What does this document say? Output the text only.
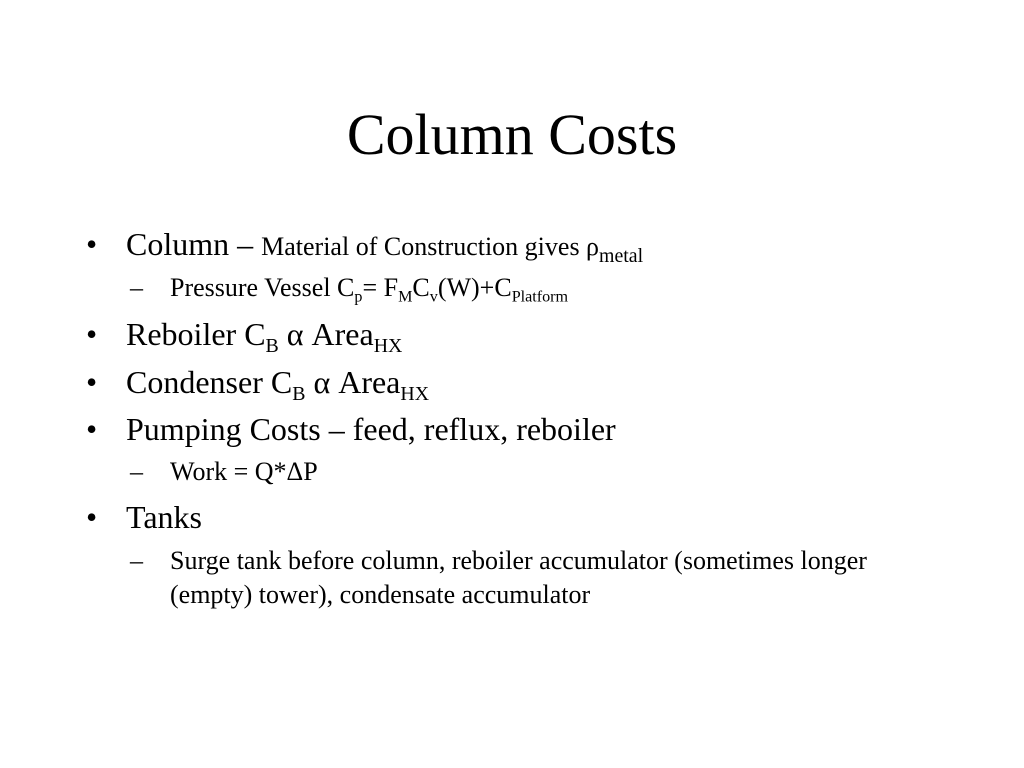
Column Costs
• Column – Material of Construction gives $\rho_{metal}$
–	Pressure Vessel $C_p= F_MC_v(W)+C_{Platform}$
• Reboiler $C_B$ α Area$_{HX}$
• Condenser $C_B$ α Area$_{HX}$
• Pumping Costs – feed, reflux, reboiler
–	Work = Q*ΔP
• Tanks
–	Surge tank before column, reboiler accumulator (sometimes longer (empty) tower), condensate accumulator
